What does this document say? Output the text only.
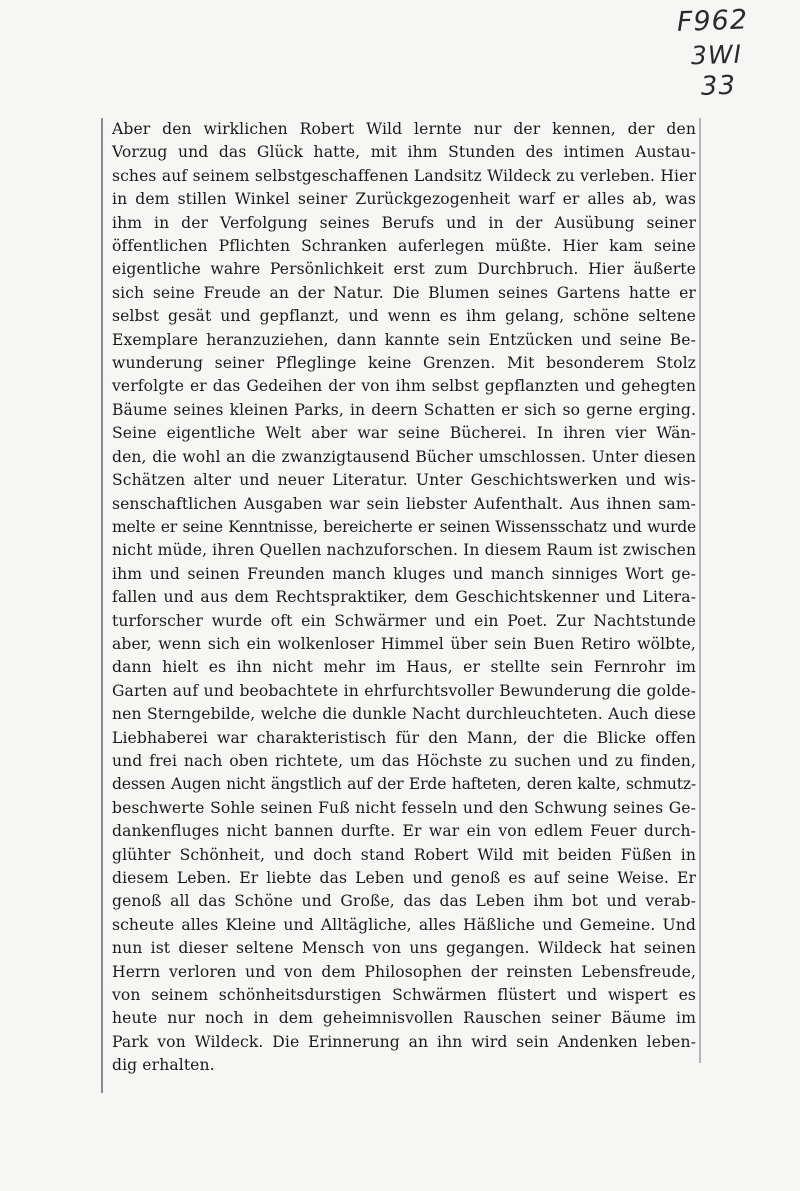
F962
3WI
33
Aber den wirklichen Robert Wild lernte nur der kennen, der den
Vorzug und das Glück hatte, mit ihm Stunden des intimen Austau-
sches auf seinem selbstgeschaffenen Landsitz Wildeck zu verleben. Hier
in dem stillen Winkel seiner Zurückgezogenheit warf er alles ab, was
ihm in der Verfolgung seines Berufs und in der Ausübung seiner
öffentlichen Pflichten Schranken auferlegen müßte. Hier kam seine
eigentliche wahre Persönlichkeit erst zum Durchbruch. Hier äußerte
sich seine Freude an der Natur. Die Blumen seines Gartens hatte er
selbst gesät und gepflanzt, und wenn es ihm gelang, schöne seltene
Exemplare heranzuziehen, dann kannte sein Entzücken und seine Be-
wunderung seiner Pfleglinge keine Grenzen. Mit besonderem Stolz
verfolgte er das Gedeihen der von ihm selbst gepflanzten und gehegten
Bäume seines kleinen Parks, in deern Schatten er sich so gerne erging.
Seine eigentliche Welt aber war seine Bücherei. In ihren vier Wän-
den, die wohl an die zwanzigtausend Bücher umschlossen. Unter diesen
Schätzen alter und neuer Literatur. Unter Geschichtswerken und wis-
senschaftlichen Ausgaben war sein liebster Aufenthalt. Aus ihnen sam-
melte er seine Kenntnisse, bereicherte er seinen Wissensschatz und wurde
nicht müde, ihren Quellen nachzuforschen. In diesem Raum ist zwischen
ihm und seinen Freunden manch kluges und manch sinniges Wort ge-
fallen und aus dem Rechtspraktiker, dem Geschichtskenner und Litera-
turforscher wurde oft ein Schwärmer und ein Poet. Zur Nachtstunde
aber, wenn sich ein wolkenloser Himmel über sein Buen Retiro wölbte,
dann hielt es ihn nicht mehr im Haus, er stellte sein Fernrohr im
Garten auf und beobachtete in ehrfurchtsvoller Bewunderung die golde-
nen Sterngebilde, welche die dunkle Nacht durchleuchteten. Auch diese
Liebhaberei war charakteristisch für den Mann, der die Blicke offen
und frei nach oben richtete, um das Höchste zu suchen und zu finden,
dessen Augen nicht ängstlich auf der Erde hafteten, deren kalte, schmutz-
beschwerte Sohle seinen Fuß nicht fesseln und den Schwung seines Ge-
dankenfluges nicht bannen durfte. Er war ein von edlem Feuer durch-
glühter Schönheit, und doch stand Robert Wild mit beiden Füßen in
diesem Leben. Er liebte das Leben und genoß es auf seine Weise. Er
genoß all das Schöne und Große, das das Leben ihm bot und verab-
scheute alles Kleine und Alltägliche, alles Häßliche und Gemeine. Und
nun ist dieser seltene Mensch von uns gegangen. Wildeck hat seinen
Herrn verloren und von dem Philosophen der reinsten Lebensfreude,
von seinem schönheitsdurstigen Schwärmen flüstert und wispert es
heute nur noch in dem geheimnisvollen Rauschen seiner Bäume im
Park von Wildeck. Die Erinnerung an ihn wird sein Andenken leben-
dig erhalten.
